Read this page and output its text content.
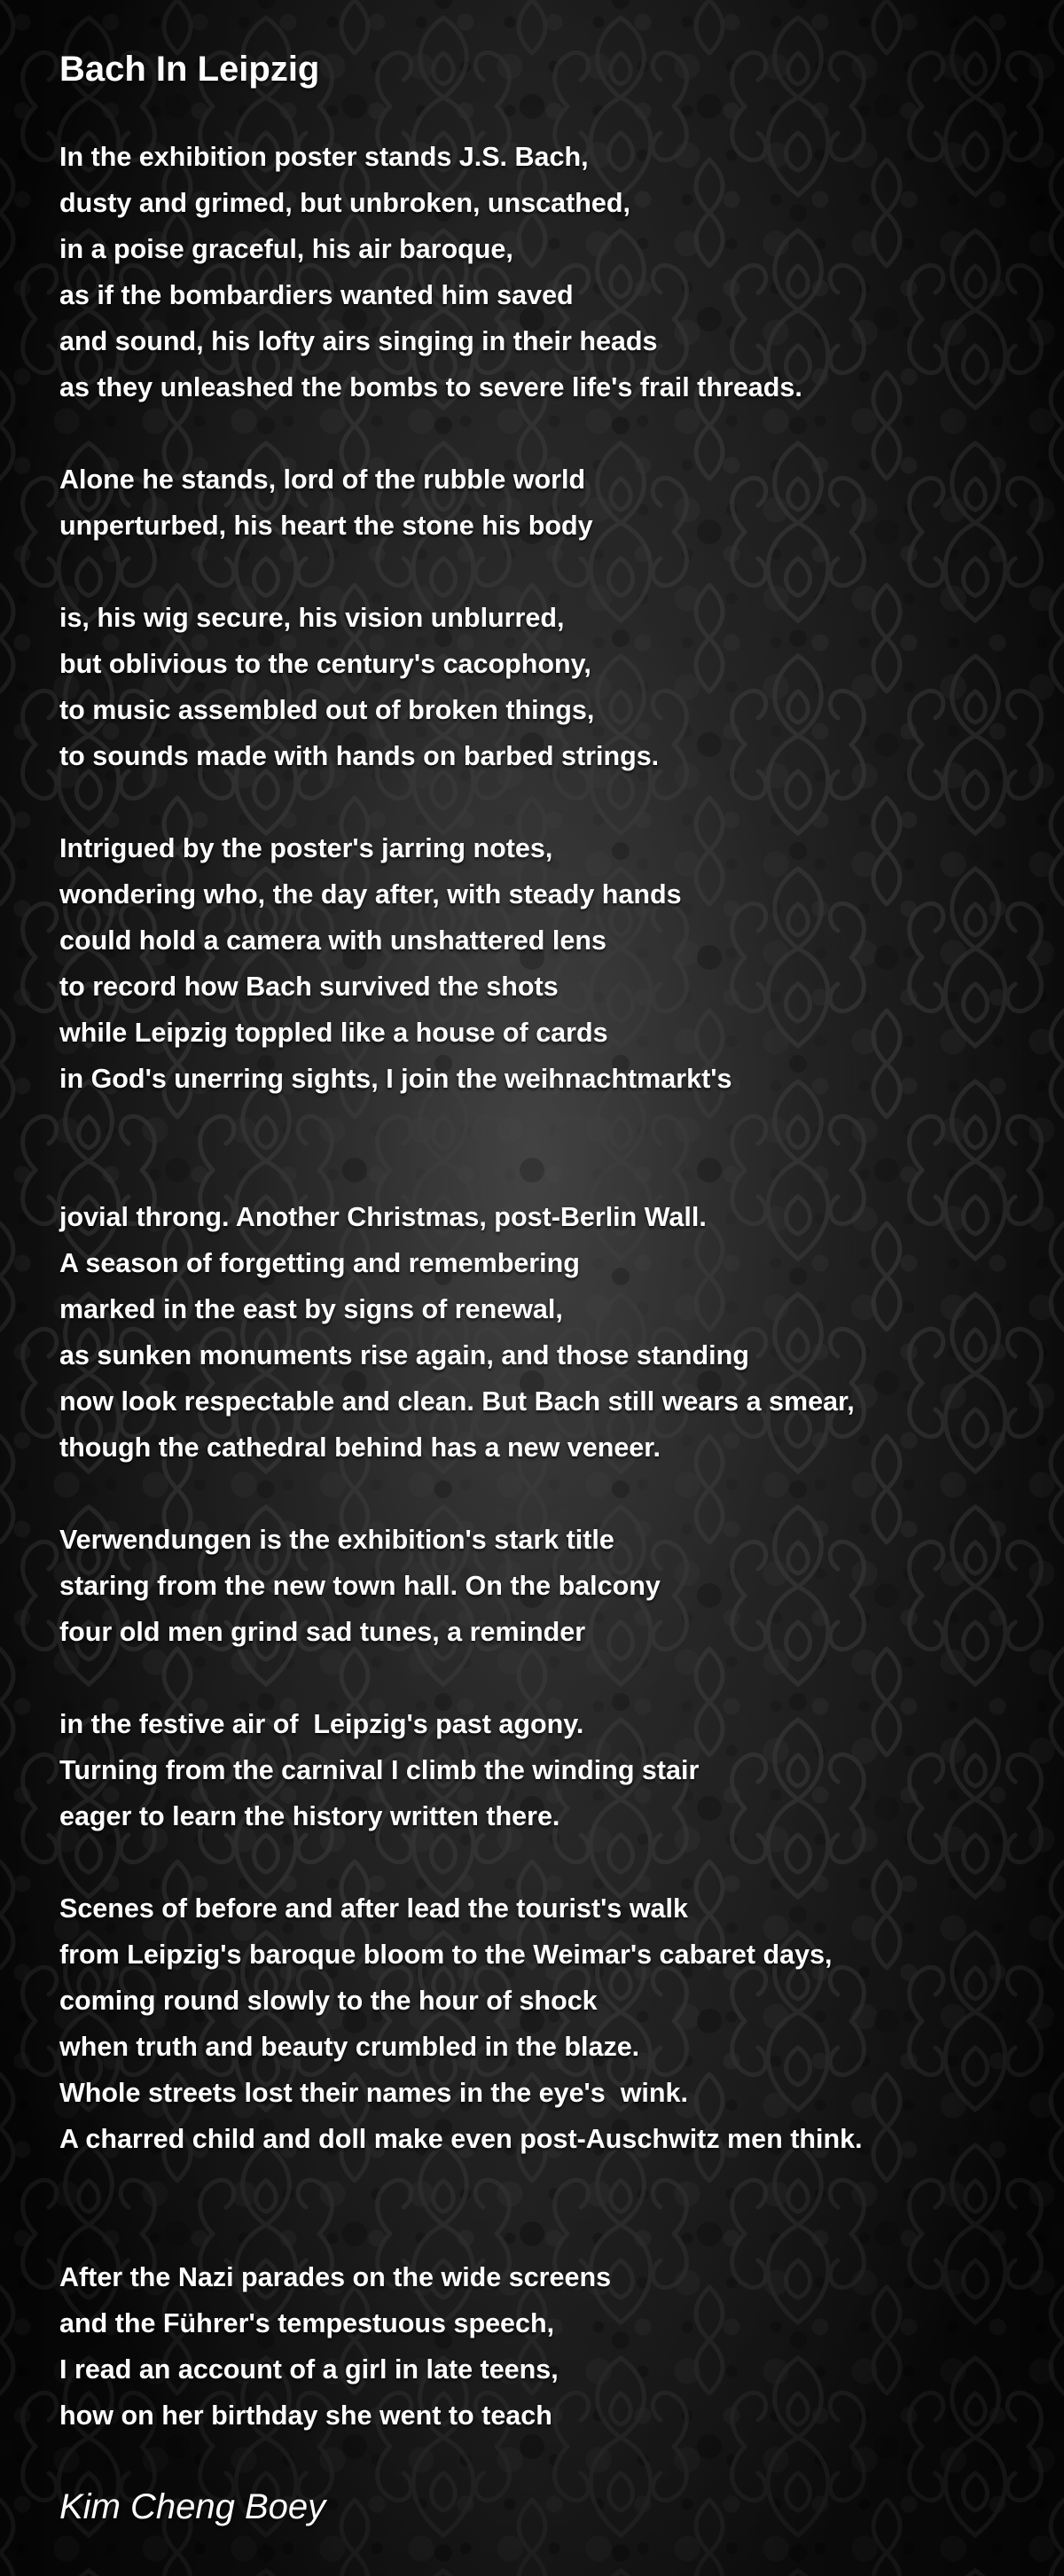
Bach In Leipzig
In the exhibition poster stands J.S. Bach,
dusty and grimed, but unbroken, unscathed,
in a poise graceful, his air baroque,
as if the bombardiers wanted him saved
and sound, his lofty airs singing in their heads
as they unleashed the bombs to severe life's frail threads.
Alone he stands, lord of the rubble world
unperturbed, his heart the stone his body
is, his wig secure, his vision unblurred,
but oblivious to the century's cacophony,
to music assembled out of broken things,
to sounds made with hands on barbed strings.
Intrigued by the poster's jarring notes,
wondering who, the day after, with steady hands
could hold a camera with unshattered lens
to record how Bach survived the shots
while Leipzig toppled like a house of cards
in God's unerring sights, I join the weihnachtmarkt's
jovial throng. Another Christmas, post-Berlin Wall.
A season of forgetting and remembering
marked in the east by signs of renewal,
as sunken monuments rise again, and those standing
now look respectable and clean. But Bach still wears a smear,
though the cathedral behind has a new veneer.
Verwendungen is the exhibition's stark title
staring from the new town hall. On the balcony
four old men grind sad tunes, a reminder
in the festive air of  Leipzig's past agony.
Turning from the carnival I climb the winding stair
eager to learn the history written there.
Scenes of before and after lead the tourist's walk
from Leipzig's baroque bloom to the Weimar's cabaret days,
coming round slowly to the hour of shock
when truth and beauty crumbled in the blaze.
Whole streets lost their names in the eye's  wink.
A charred child and doll make even post-Auschwitz men think.
After the Nazi parades on the wide screens
and the Führer's tempestuous speech,
I read an account of a girl in late teens,
how on her birthday she went to teach

Kim Cheng Boey
